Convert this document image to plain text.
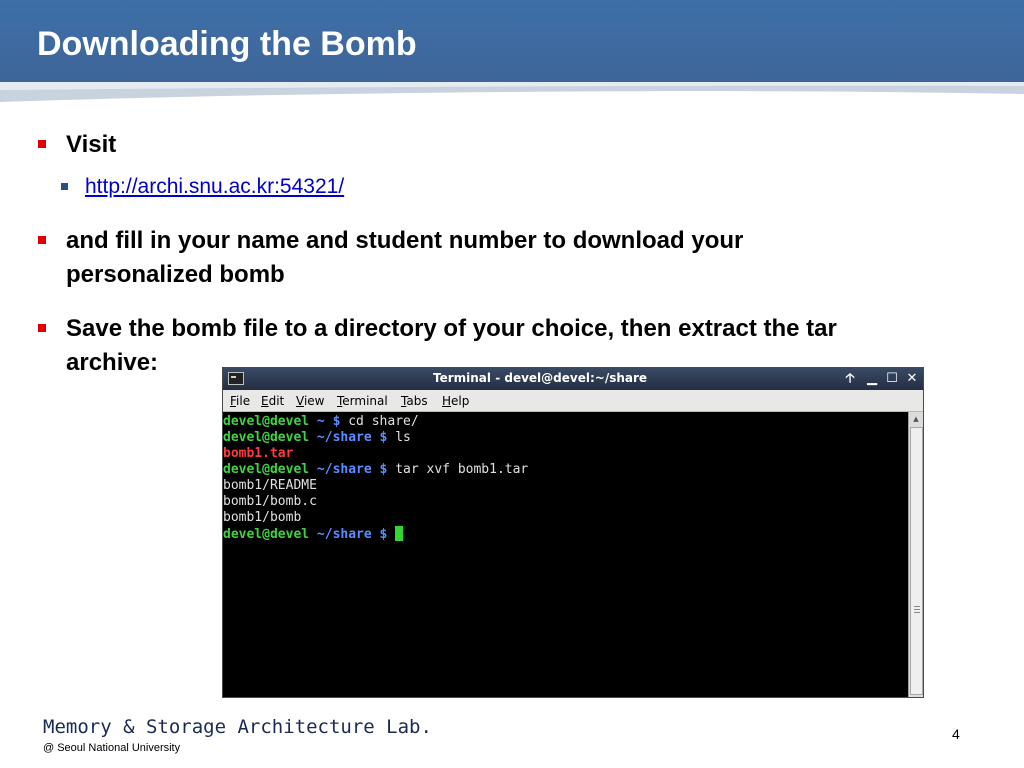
Downloading the Bomb
Visit
http://archi.snu.ac.kr:54321/
and fill in your name and student number to download your
personalized bomb
Save the bomb file to a directory of your choice, then extract the tar
archive:
Terminal - devel@devel:~/share	🡡 ▁ ☐ ✕
File Edit View Terminal Tabs Help
devel@devel ~ $ cd share/
devel@devel ~/share $ ls
bomb1.tar
devel@devel ~/share $ tar xvf bomb1.tar
bomb1/README
bomb1/bomb.c
bomb1/bomb
devel@devel ~/share $
▲
Memory & Storage Architecture Lab.
@ Seoul National University
4
